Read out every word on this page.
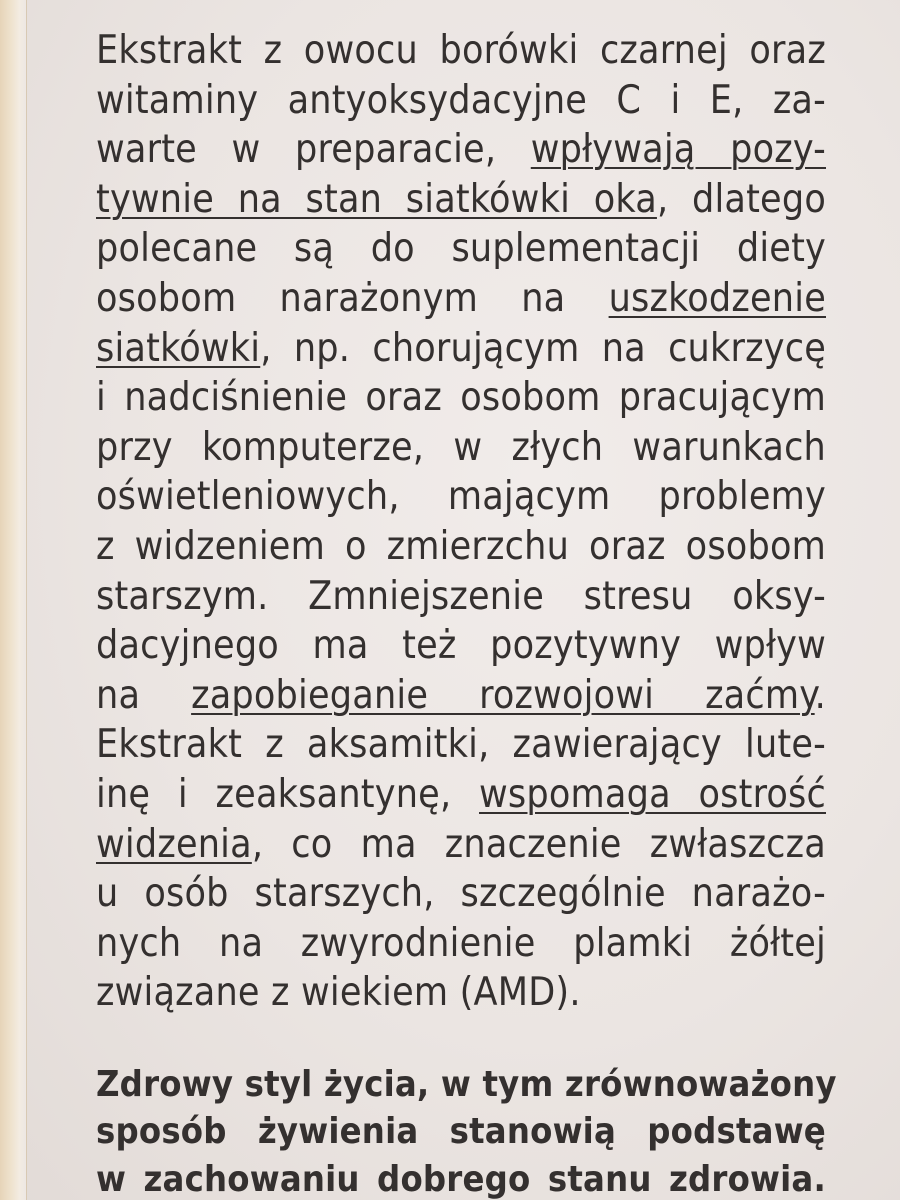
Ekstrakt z owocu borówki czarnej oraz
witaminy antyoksydacyjne C i E, za-
warte w preparacie, wpływają pozy-
tywnie na stan siatkówki oka, dlatego
polecane są do suplementacji diety
osobom narażonym na uszkodzenie
siatkówki, np. chorującym na cukrzycę
i nadciśnienie oraz osobom pracującym
przy komputerze, w złych warunkach
oświetleniowych, mającym problemy
z widzeniem o zmierzchu oraz osobom
starszym. Zmniejszenie stresu oksy-
dacyjnego ma też pozytywny wpływ
na zapobieganie rozwojowi zaćmy.
Ekstrakt z aksamitki, zawierający lute-
inę i zeaksantynę, wspomaga ostrość
widzenia, co ma znaczenie zwłaszcza
u osób starszych, szczególnie narażo-
nych na zwyrodnienie plamki żółtej
związane z wiekiem (AMD).

Zdrowy styl życia, w tym zrównoważony
sposób żywienia stanowią podstawę
w zachowaniu dobrego stanu zdrowia.
